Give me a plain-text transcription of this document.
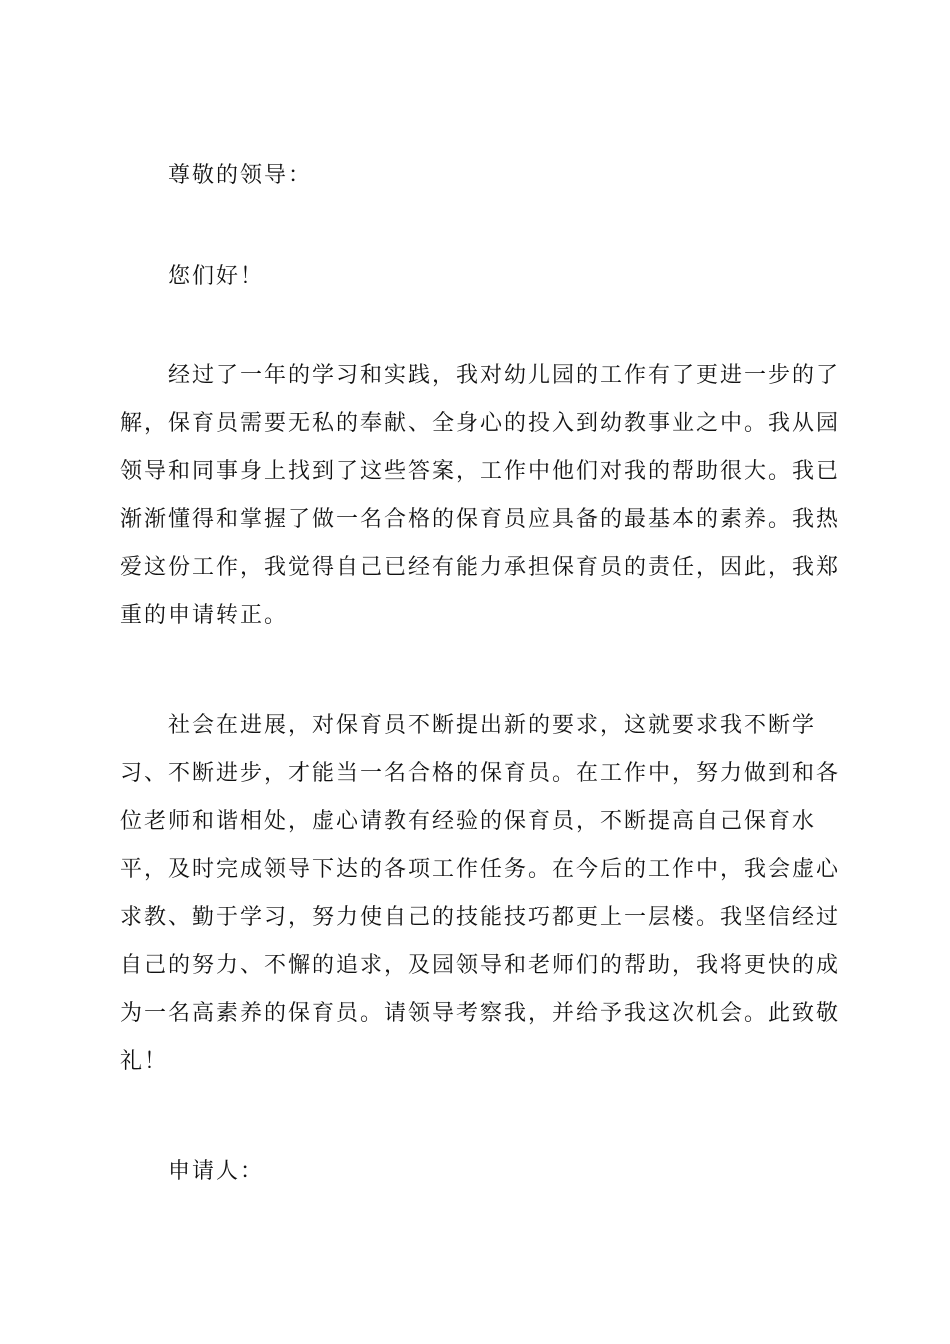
尊敬的领导：

您们好！

经过了一年的学习和实践，我对幼儿园的工作有了更进一步的了解，保育员需要无私的奉献、全身心的投入到幼教事业之中。我从园领导和同事身上找到了这些答案，工作中他们对我的帮助很大。我已渐渐懂得和掌握了做一名合格的保育员应具备的最基本的素养。我热爱这份工作，我觉得自己已经有能力承担保育员的责任，因此，我郑重的申请转正。

社会在进展，对保育员不断提出新的要求，这就要求我不断学习、不断进步，才能当一名合格的保育员。在工作中，努力做到和各位老师和谐相处，虚心请教有经验的保育员，不断提高自己保育水平，及时完成领导下达的各项工作任务。在今后的工作中，我会虚心求教、勤于学习，努力使自己的技能技巧都更上一层楼。我坚信经过自己的努力、不懈的追求，及园领导和老师们的帮助，我将更快的成为一名高素养的保育员。请领导考察我，并给予我这次机会。此致敬礼！

申请人：
